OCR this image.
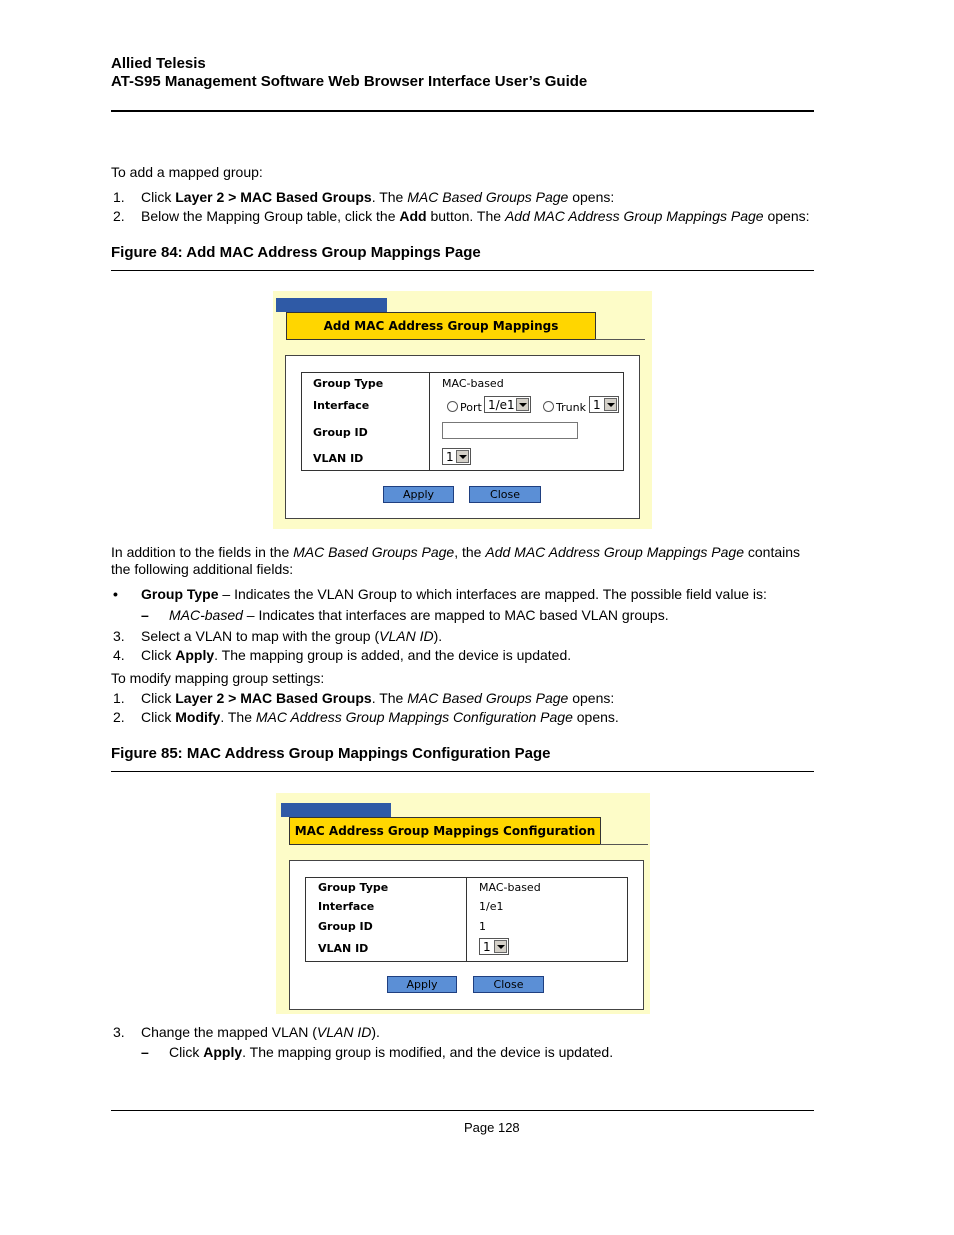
Allied Telesis
AT-S95 Management Software Web Browser Interface User’s Guide
To add a mapped group:
1. Click Layer 2 > MAC Based Groups. The MAC Based Groups Page opens:
2. Below the Mapping Group table, click the Add button. The Add MAC Address Group Mappings Page opens:
Figure 84: Add MAC Address Group Mappings Page
Add MAC Address Group Mappings
Group Type	MAC-based
Interface	Port 1/e1	Trunk 1
Group ID
VLAN ID	1
Apply	Close
In addition to the fields in the MAC Based Groups Page, the Add MAC Address Group Mappings Page contains
the following additional fields:
• Group Type – Indicates the VLAN Group to which interfaces are mapped. The possible field value is:
– MAC-based – Indicates that interfaces are mapped to MAC based VLAN groups.
3. Select a VLAN to map with the group (VLAN ID).
4. Click Apply. The mapping group is added, and the device is updated.
To modify mapping group settings:
1. Click Layer 2 > MAC Based Groups. The MAC Based Groups Page opens:
2. Click Modify. The MAC Address Group Mappings Configuration Page opens.
Figure 85: MAC Address Group Mappings Configuration Page
MAC Address Group Mappings Configuration
Group Type	MAC-based
Interface	1/e1
Group ID	1
VLAN ID	1
Apply	Close
3. Change the mapped VLAN (VLAN ID).
– Click Apply. The mapping group is modified, and the device is updated.
Page 128
